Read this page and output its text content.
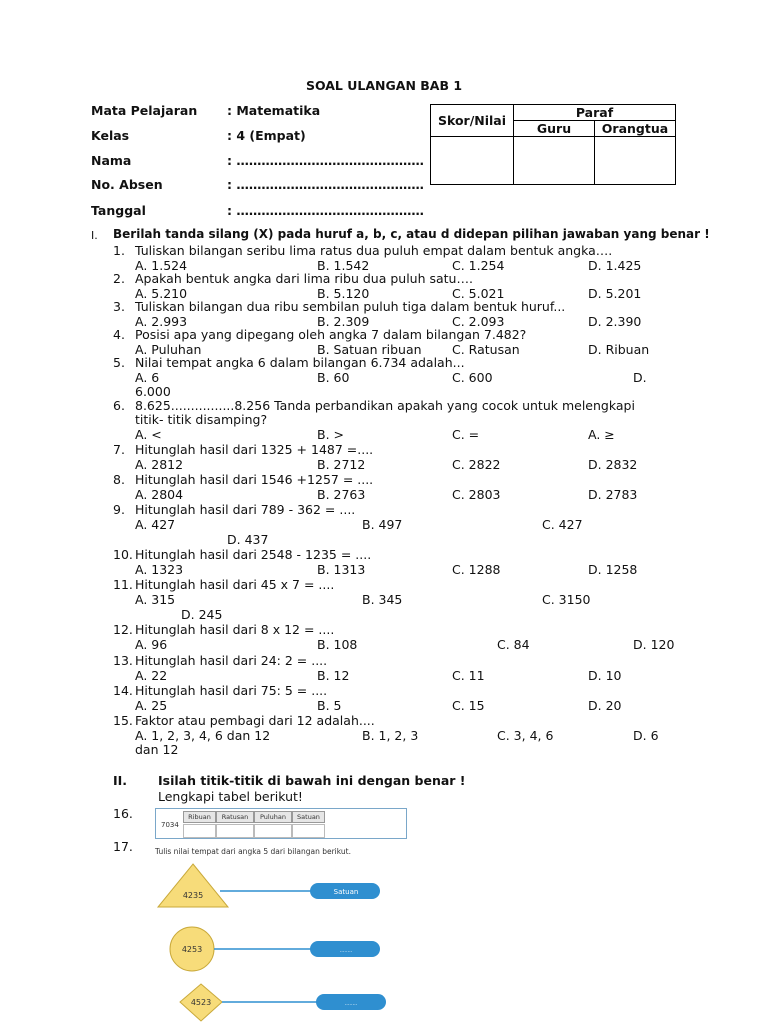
SOAL ULANGAN BAB 1
Mata Pelajaran : Matematika
Kelas	: 4 (Empat)
Nama	: ………………………………………
No. Absen	: ………………………………………
Tanggal	: ………………………………………
Skor/Nilai	Paraf	
	Guru	Orangtua

I. Berilah tanda silang (X) pada huruf a, b, c, atau d didepan pilihan jawaban yang benar !
1. Tuliskan bilangan seribu lima ratus dua puluh empat dalam bentuk angka….
A. 1.524	B. 1.542	C. 1.254	D. 1.425
2. Apakah bentuk angka dari lima ribu dua puluh satu….
A. 5.210	B. 5.120	C. 5.021	D. 5.201
3. Tuliskan bilangan dua ribu sembilan puluh tiga dalam bentuk huruf...
A. 2.993	B. 2.309	C. 2.093	D. 2.390
4. Posisi apa yang dipegang oleh angka 7 dalam bilangan 7.482?
A. Puluhan	B. Satuan ribuan C. Ratusan	D. Ribuan
5. Nilai tempat angka 6 dalam bilangan 6.734 adalah...
A. 6	B. 60	C. 600	D.
6.000
6. 8.625................8.256 Tanda perbandikan apakah yang cocok untuk melengkapi
titik- titik disamping?
A. <	B. >	C. =	A. ≥
7. Hitunglah hasil dari 1325 + 1487 =....
A. 2812	B. 2712	C. 2822	D. 2832
8. Hitunglah hasil dari 1546 +1257 = ....
A. 2804	B. 2763	C. 2803	D. 2783
9. Hitunglah hasil dari 789 - 362 = ....
A. 427	B. 497	C. 427
D. 437
10. Hitunglah hasil dari 2548 - 1235 = ....
A. 1323	B. 1313	C. 1288	D. 1258
11. Hitunglah hasil dari 45 x 7 = ....
A. 315	B. 345	C. 3150
D. 245
12. Hitunglah hasil dari 8 x 12 = ....
A. 96	B. 108	C. 84	D. 120
13. Hitunglah hasil dari 24: 2 = ....
A. 22	B. 12	C. 11	D. 10
14. Hitunglah hasil dari 75: 5 = ....
A. 25	B. 5	C. 15	D. 20
15. Faktor atau pembagi dari 12 adalah....
A. 1, 2, 3, 4, 6 dan 12	B. 1, 2, 3	C. 3, 4, 6	D. 6
dan 12
II. Isilah titik-titik di bawah ini dengan benar !
Lengkapi tabel berikut!
16.
7034
Ribuan	Ratusan	Puluhan	Satuan
17.	Tulis nilai tempat dari angka 5 dari bilangan berikut.
4235	Satuan
4253	........
4523	........
